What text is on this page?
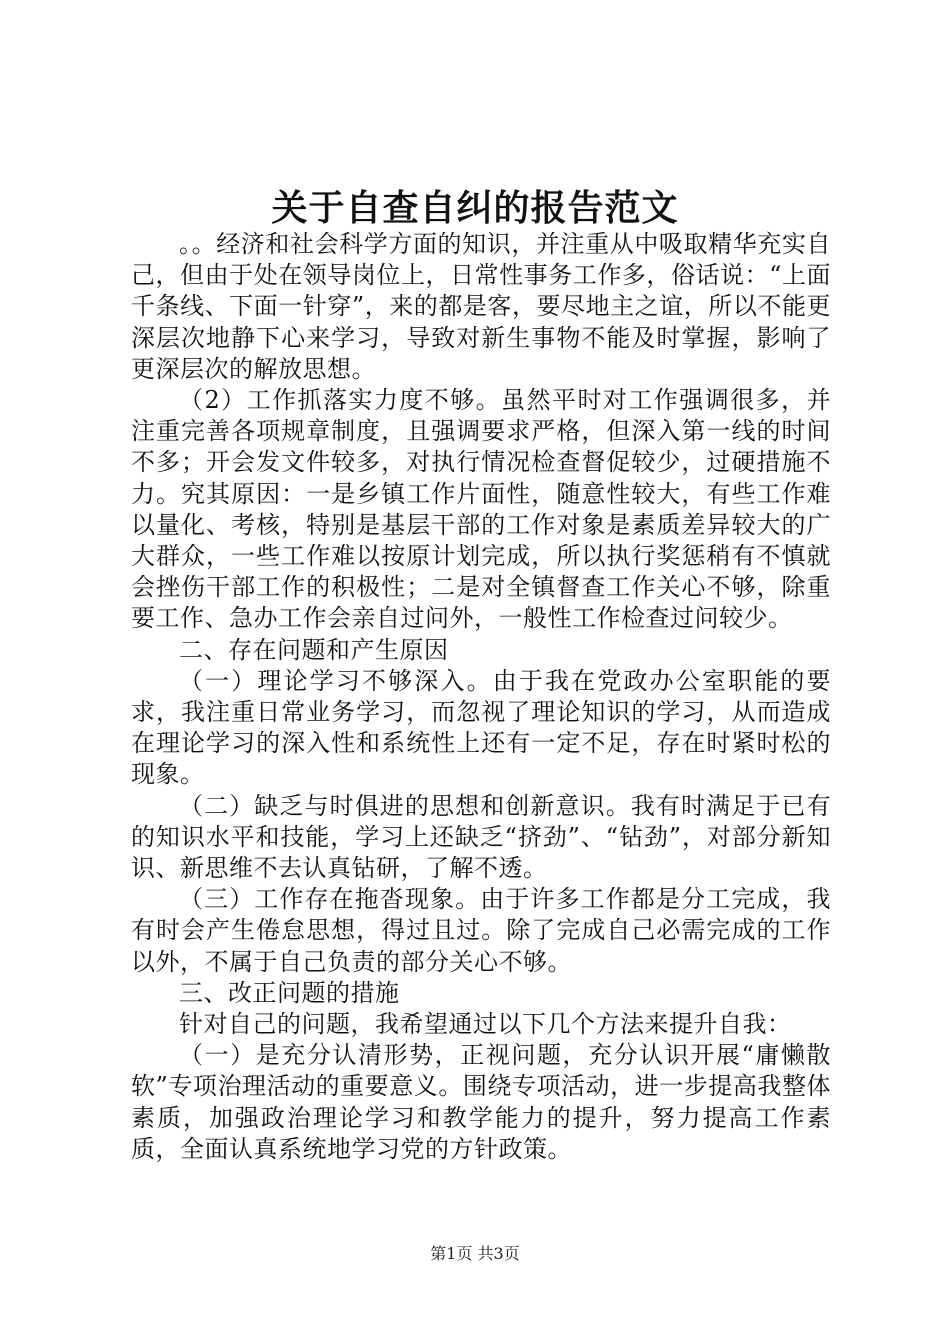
关于自查自纠的报告范文

。。经济和社会科学方面的知识，并注重从中吸取精华充实自己，但由于处在领导岗位上，日常性事务工作多，俗话说：“上面千条线、下面一针穿”，来的都是客，要尽地主之谊，所以不能更深层次地静下心来学习，导致对新生事物不能及时掌握，影响了更深层次的解放思想。

（2）工作抓落实力度不够。虽然平时对工作强调很多，并注重完善各项规章制度，且强调要求严格，但深入第一线的时间不多；开会发文件较多，对执行情况检查督促较少，过硬措施不力。究其原因：一是乡镇工作片面性，随意性较大，有些工作难以量化、考核，特别是基层干部的工作对象是素质差异较大的广大群众，一些工作难以按原计划完成，所以执行奖惩稍有不慎就会挫伤干部工作的积极性；二是对全镇督查工作关心不够，除重要工作、急办工作会亲自过问外，一般性工作检查过问较少。

二、存在问题和产生原因

（一）理论学习不够深入。由于我在党政办公室职能的要求，我注重日常业务学习，而忽视了理论知识的学习，从而造成在理论学习的深入性和系统性上还有一定不足，存在时紧时松的现象。

（二）缺乏与时俱进的思想和创新意识。我有时满足于已有的知识水平和技能，学习上还缺乏“挤劲”、“钻劲”，对部分新知识、新思维不去认真钻研，了解不透。

（三）工作存在拖沓现象。由于许多工作都是分工完成，我有时会产生倦怠思想，得过且过。除了完成自己必需完成的工作以外，不属于自己负责的部分关心不够。

三、改正问题的措施

针对自己的问题，我希望通过以下几个方法来提升自我：

（一）是充分认清形势，正视问题，充分认识开展“庸懒散软”专项治理活动的重要意义。围绕专项活动，进一步提高我整体素质，加强政治理论学习和教学能力的提升，努力提高工作素质，全面认真系统地学习党的方针政策。

第1页 共3页
